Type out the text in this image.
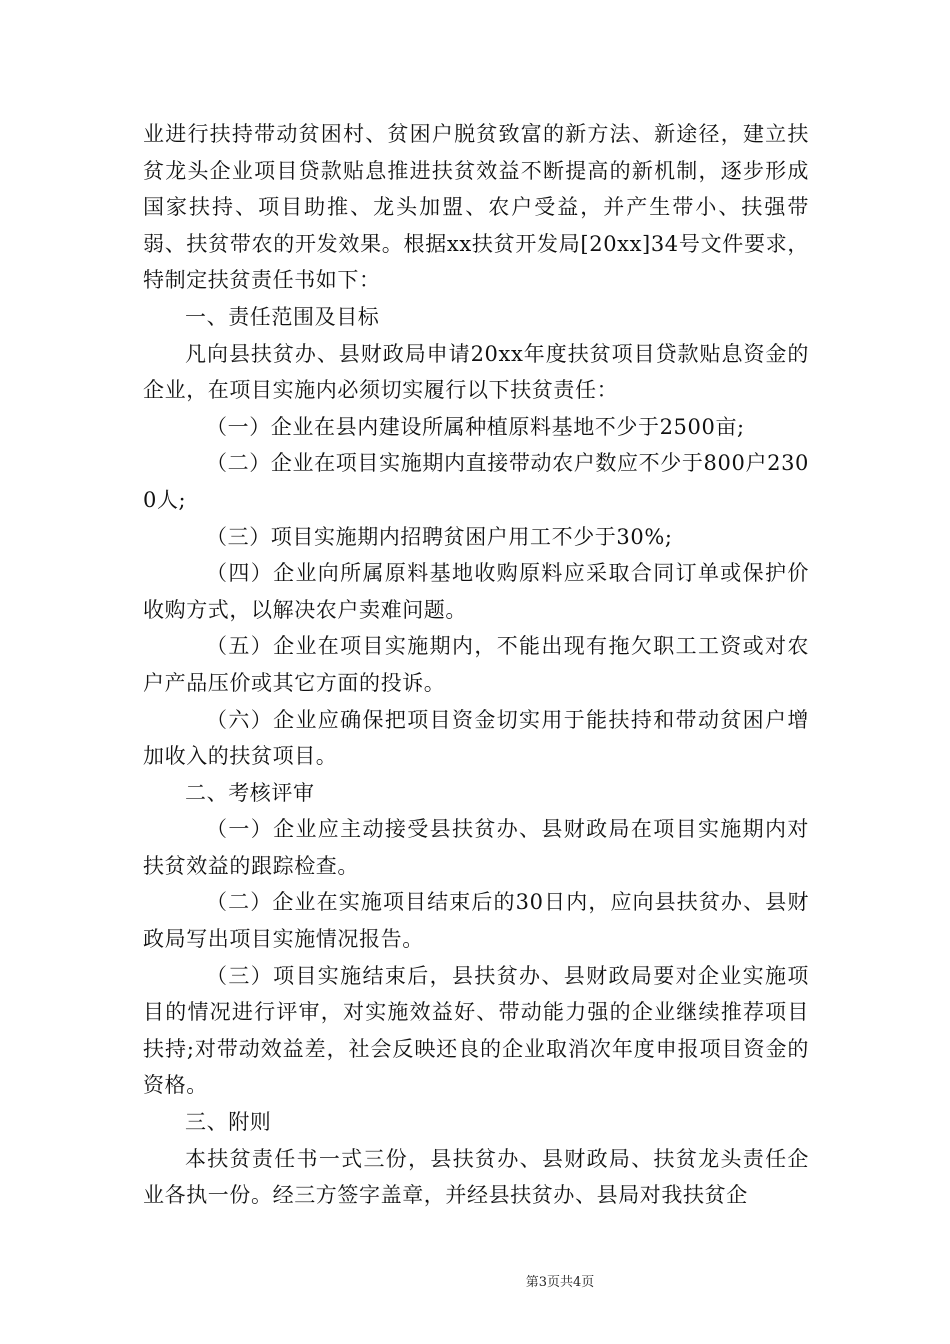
业进行扶持带动贫困村、贫困户脱贫致富的新方法、新途径，建立扶贫龙头企业项目贷款贴息推进扶贫效益不断提高的新机制，逐步形成国家扶持、项目助推、龙头加盟、农户受益，并产生带小、扶强带弱、扶贫带农的开发效果。根据xx扶贫开发局[20xx]34号文件要求，特制定扶贫责任书如下：

一、责任范围及目标

凡向县扶贫办、县财政局申请20xx年度扶贫项目贷款贴息资金的企业，在项目实施内必须切实履行以下扶贫责任：

（一）企业在县内建设所属种植原料基地不少于2500亩;

（二）企业在项目实施期内直接带动农户数应不少于800户2300人;

（三）项目实施期内招聘贫困户用工不少于30%;

（四）企业向所属原料基地收购原料应采取合同订单或保护价收购方式，以解决农户卖难问题。

（五）企业在项目实施期内，不能出现有拖欠职工工资或对农户产品压价或其它方面的投诉。

（六）企业应确保把项目资金切实用于能扶持和带动贫困户增加收入的扶贫项目。

二、考核评审

（一）企业应主动接受县扶贫办、县财政局在项目实施期内对扶贫效益的跟踪检查。

（二）企业在实施项目结束后的30日内，应向县扶贫办、县财政局写出项目实施情况报告。

（三）项目实施结束后，县扶贫办、县财政局要对企业实施项目的情况进行评审，对实施效益好、带动能力强的企业继续推荐项目扶持;对带动效益差，社会反映还良的企业取消次年度申报项目资金的资格。

三、附则

本扶贫责任书一式三份，县扶贫办、县财政局、扶贫龙头责任企业各执一份。经三方签字盖章，并经县扶贫办、县局对我扶贫企

第3页共4页
